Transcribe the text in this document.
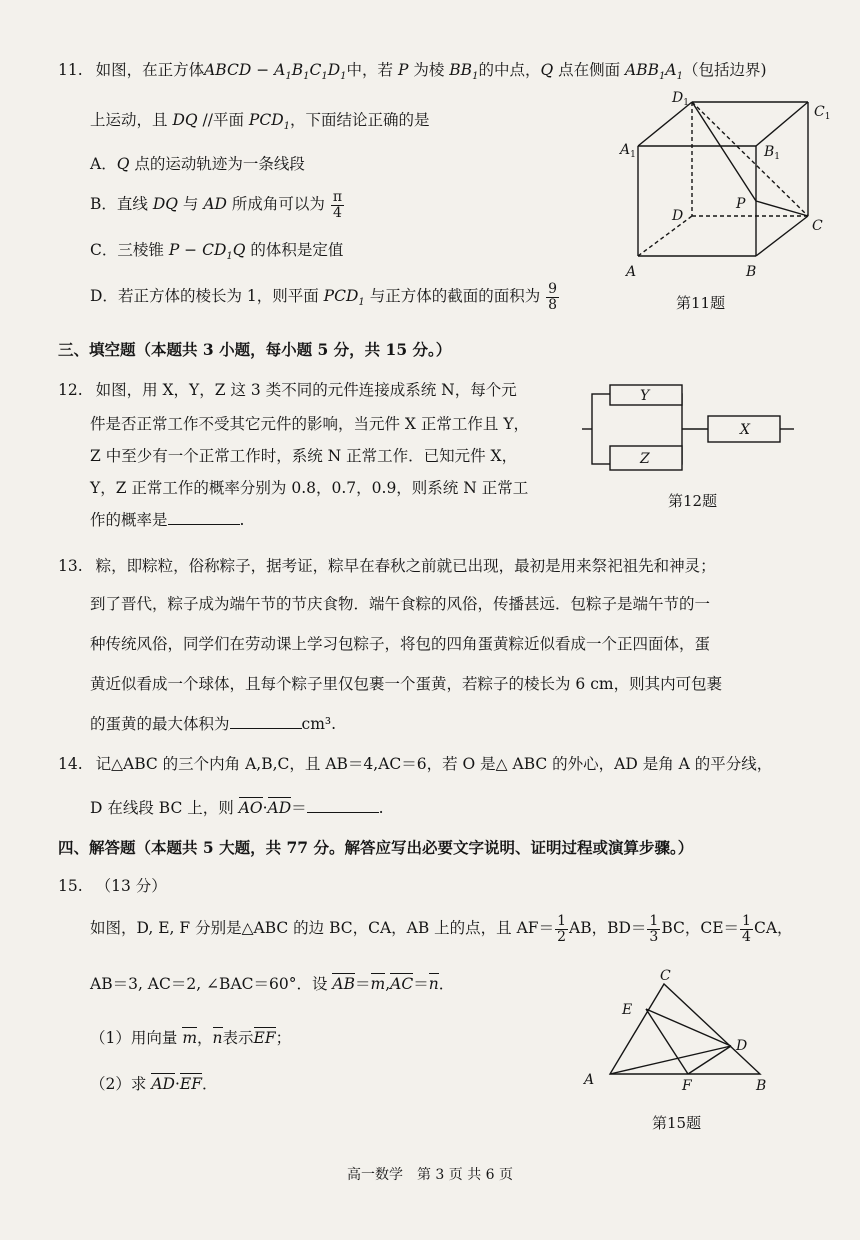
11. 如图，在正方体ABCD − $A_1B_1C_1D_1$中，若 P 为棱 $BB_1$的中点，Q 点在侧面 $ABB_1A_1$（包括边界)
上运动，且 DQ //平面 $PCD_1$，下面结论正确的是
A．Q 点的运动轨迹为一条线段
B．直线 DQ 与 AD 所成角可以为 $\frac{\pi}{4}$
C．三棱锥 $P - CD_1Q$ 的体积是定值
D．若正方体的棱长为 1，则平面 $PCD_1$ 与正方体的截面的面积为 $\frac{9}{8}$
$D_1$
$C_1$
$A_1$	$B_1$
D
C
P
A	B
第11题
三、填空题（本题共 3 小题，每小题 5 分，共 15 分。）
12. 如图，用 X，Y，Z 这 3 类不同的元件连接成系统 N，每个元
件是否正常工作不受其它元件的影响，当元件 X 正常工作且 Y，
Z 中至少有一个正常工作时，系统 N 正常工作．已知元件 X，
Y，Z 正常工作的概率分别为 0.8，0.7，0.9，则系统 N 正常工
作的概率是	.
Y
Z
X
第12题
13. 粽，即粽粒，俗称粽子，据考证，粽早在春秋之前就已出现，最初是用来祭祀祖先和神灵；
到了晋代，粽子成为端午节的节庆食物．端午食粽的风俗，传播甚远．包粽子是端午节的一
种传统风俗，同学们在劳动课上学习包粽子，将包的四角蛋黄粽近似看成一个正四面体，蛋
黄近似看成一个球体，且每个粽子里仅包裹一个蛋黄，若粽子的棱长为 6 cm，则其内可包裹
的蛋黄的最大体积为	cm³.
14. 记△ABC 的三个内角 A,B,C，且 AB＝4,AC＝6，若 O 是△ ABC 的外心，AD 是角 A 的平分线，
D 在线段 BC 上，则 AO·AD＝	.
四、解答题（本题共 5 大题，共 77 分。解答应写出必要文字说明、证明过程或演算步骤。）
15. （13 分）
如图，D, E, F 分别是△ABC 的边 BC，CA，AB 上的点，且 $AF= \frac{1}{2}$ AB，$BD= \frac{1}{3}$ BC，$CE= \frac{1}{4}$ CA，
AB＝3, AC＝2, ∠BAC＝60°．设 AB＝m,AC＝n．
（1）用向量 m，n表示EF；
（2）求 AD·EF．
C
E
D
A	F	B
第15题
高一数学　第 3 页 共 6 页
